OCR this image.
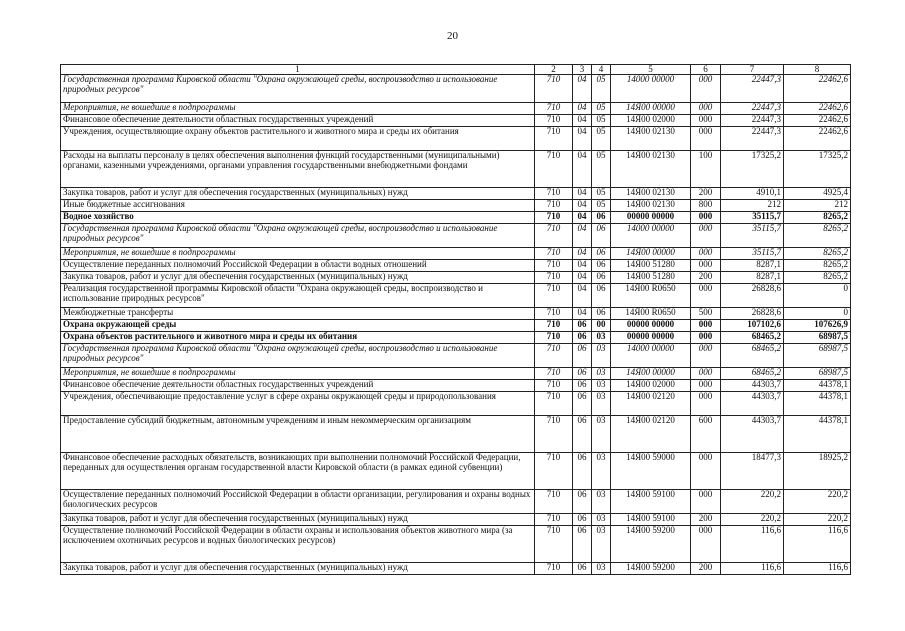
20
1	2	3	4	5	6	7	8
Государственная программа Кировской области "Охрана окружающей среды, воспроизводство и использование природных ресурсов"	710	04	05	14000 00000	000	22447,3	22462,6
Мероприятия, не вошедшие в подпрограммы	710	04	05	14Я00 00000	000	22447,3	22462,6
Финансовое обеспечение деятельности областных государственных учреждений	710	04	05	14Я00 02000	000	22447,3	22462,6
Учреждения, осуществляющие охрану объектов растительного и животного мира и среды их обитания	710	04	05	14Я00 02130	000	22447,3	22462,6
Расходы на выплаты персоналу в целях обеспечения выполнения функций государственными (муниципальными) органами, казенными учреждениями, органами управления государственными внебюджетными фондами	710	04	05	14Я00 02130	100	17325,2	17325,2
Закупка товаров, работ и услуг для обеспечения государственных (муниципальных) нужд	710	04	05	14Я00 02130	200	4910,1	4925,4
Иные бюджетные ассигнования	710	04	05	14Я00 02130	800	212	212
Водное хозяйство	710	04	06	00000 00000	000	35115,7	8265,2
Государственная программа Кировской области "Охрана окружающей среды, воспроизводство и использование природных ресурсов"	710	04	06	14000 00000	000	35115,7	8265,2
Мероприятия, не вошедшие в подпрограммы	710	04	06	14Я00 00000	000	35115,7	8265,2
Осуществление переданных полномочий Российской Федерации в области водных отношений	710	04	06	14Я00 51280	000	8287,1	8265,2
Закупка товаров, работ и услуг для обеспечения государственных (муниципальных) нужд	710	04	06	14Я00 51280	200	8287,1	8265,2
Реализация государственной программы Кировской области "Охрана окружающей среды, воспроизводство и использование природных ресурсов"	710	04	06	14Я00 R0650	000	26828,6	0
Межбюджетные трансферты	710	04	06	14Я00 R0650	500	26828,6	0
Охрана окружающей среды	710	06	00	00000 00000	000	107102,6	107626,9
Охрана объектов растительного и животного мира и среды их обитания	710	06	03	00000 00000	000	68465,2	68987,5
Государственная программа Кировской области "Охрана окружающей среды, воспроизводство и использование природных ресурсов"	710	06	03	14000 00000	000	68465,2	68987,5
Мероприятия, не вошедшие в подпрограммы	710	06	03	14Я00 00000	000	68465,2	68987,5
Финансовое обеспечение деятельности областных государственных учреждений	710	06	03	14Я00 02000	000	44303,7	44378,1
Учреждения, обеспечивающие предоставление услуг в сфере охраны окружающей среды и природопользования	710	06	03	14Я00 02120	000	44303,7	44378,1
Предоставление субсидий бюджетным, автономным учреждениям и иным некоммерческим организациям	710	06	03	14Я00 02120	600	44303,7	44378,1
Финансовое обеспечение расходных обязательств, возникающих при выполнении полномочий Российской Федерации, переданных для осуществления органам государственной власти Кировской области (в рамках единой субвенции)	710	06	03	14Я00 59000	000	18477,3	18925,2
Осуществление переданных полномочий Российской Федерации в области организации, регулирования и охраны водных биологических ресурсов	710	06	03	14Я00 59100	000	220,2	220,2
Закупка товаров, работ и услуг для обеспечения государственных (муниципальных) нужд	710	06	03	14Я00 59100	200	220,2	220,2
Осуществление полномочий Российской Федерации в области охраны и использования объектов животного мира (за исключением охотничьих ресурсов и водных биологических ресурсов)	710	06	03	14Я00 59200	000	116,6	116,6
Закупка товаров, работ и услуг для обеспечения государственных (муниципальных) нужд	710	06	03	14Я00 59200	200	116,6	116,6
